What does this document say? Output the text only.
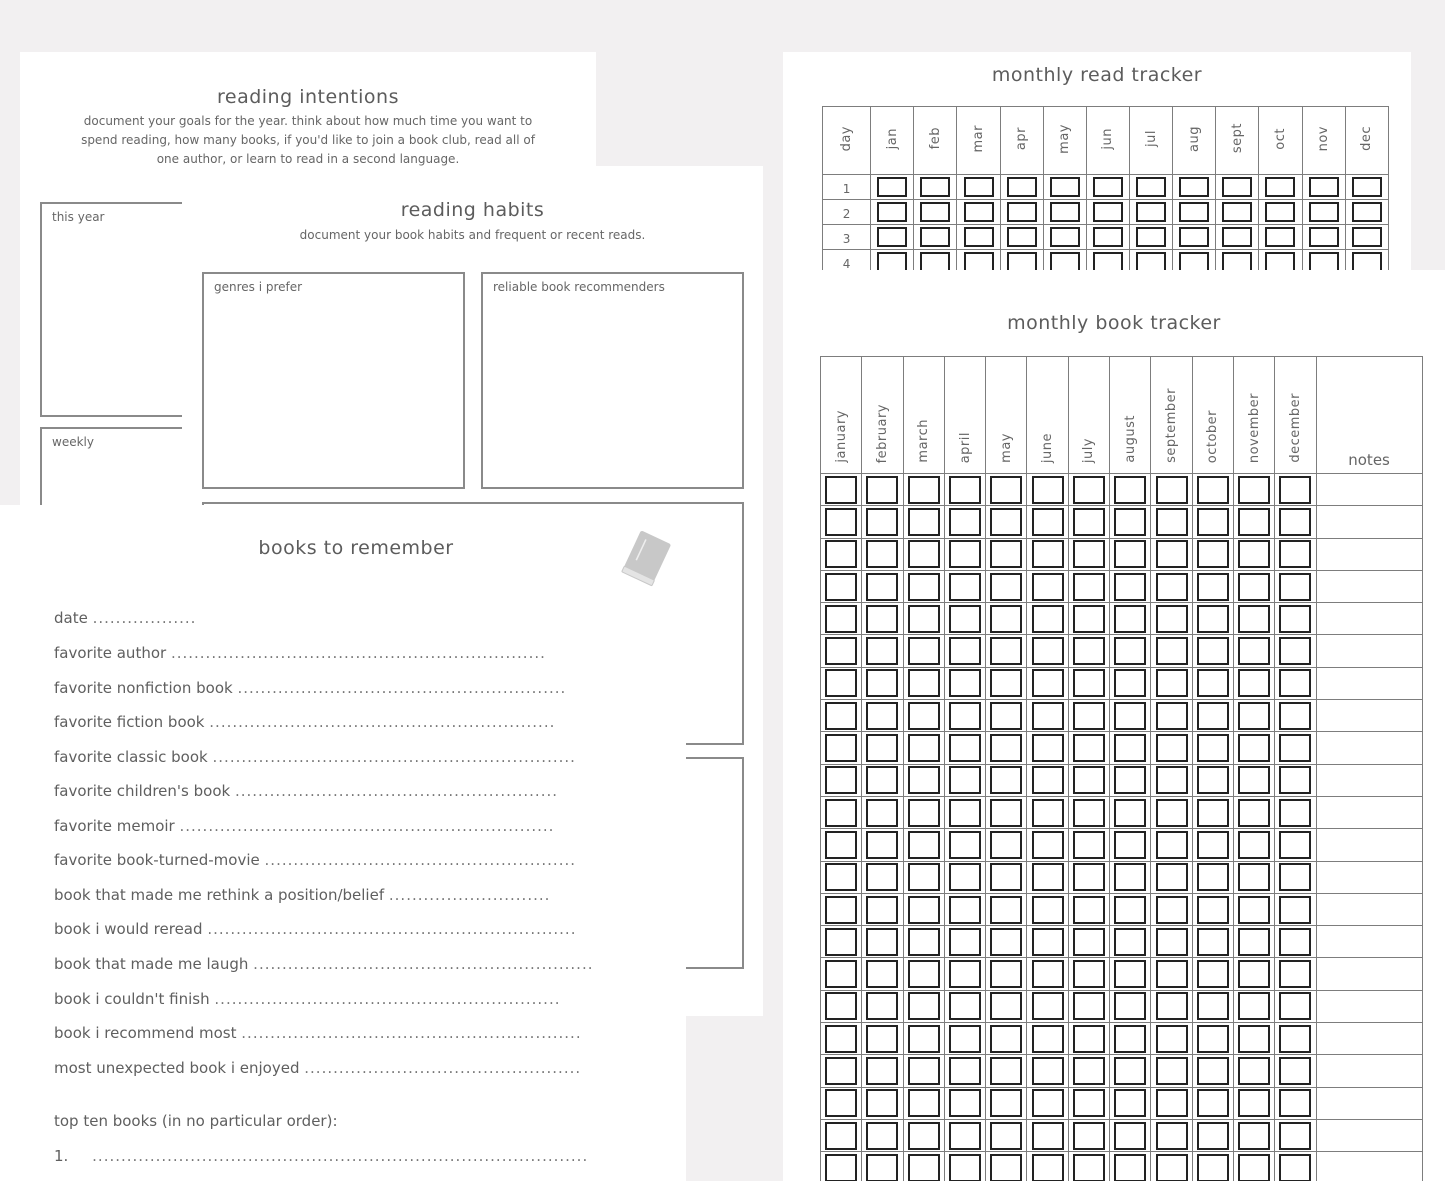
reading intentions
document your goals for the year. think about how much time you want to spend reading, how many books, if you'd like to join a book club, read all of one author, or learn to read in a second language.
this year
weekly
reading habits
document your book habits and frequent or recent reads.
genres i prefer	reliable book recommenders
books to remember
date ..................
favorite author .................................................................
favorite nonfiction book .........................................................
favorite fiction book ............................................................
favorite classic book ...............................................................
favorite children's book ........................................................
favorite memoir .................................................................
favorite book-turned-movie ......................................................
book that made me rethink a position/belief ............................
book i would reread ................................................................
book that made me laugh ...........................................................
book i couldn't finish ............................................................
book i recommend most ...........................................................
most unexpected book i enjoyed ................................................
top ten books (in no particular order):
1. ......................................................................................
monthly read tracker
day	jan	feb	mar	apr	may	jun	jul	aug	sept	oct	nov	dec
1												
2												
3												
4												
monthly book tracker
january	february	march	april	may	june	july	august	september	october	november	december	notes
